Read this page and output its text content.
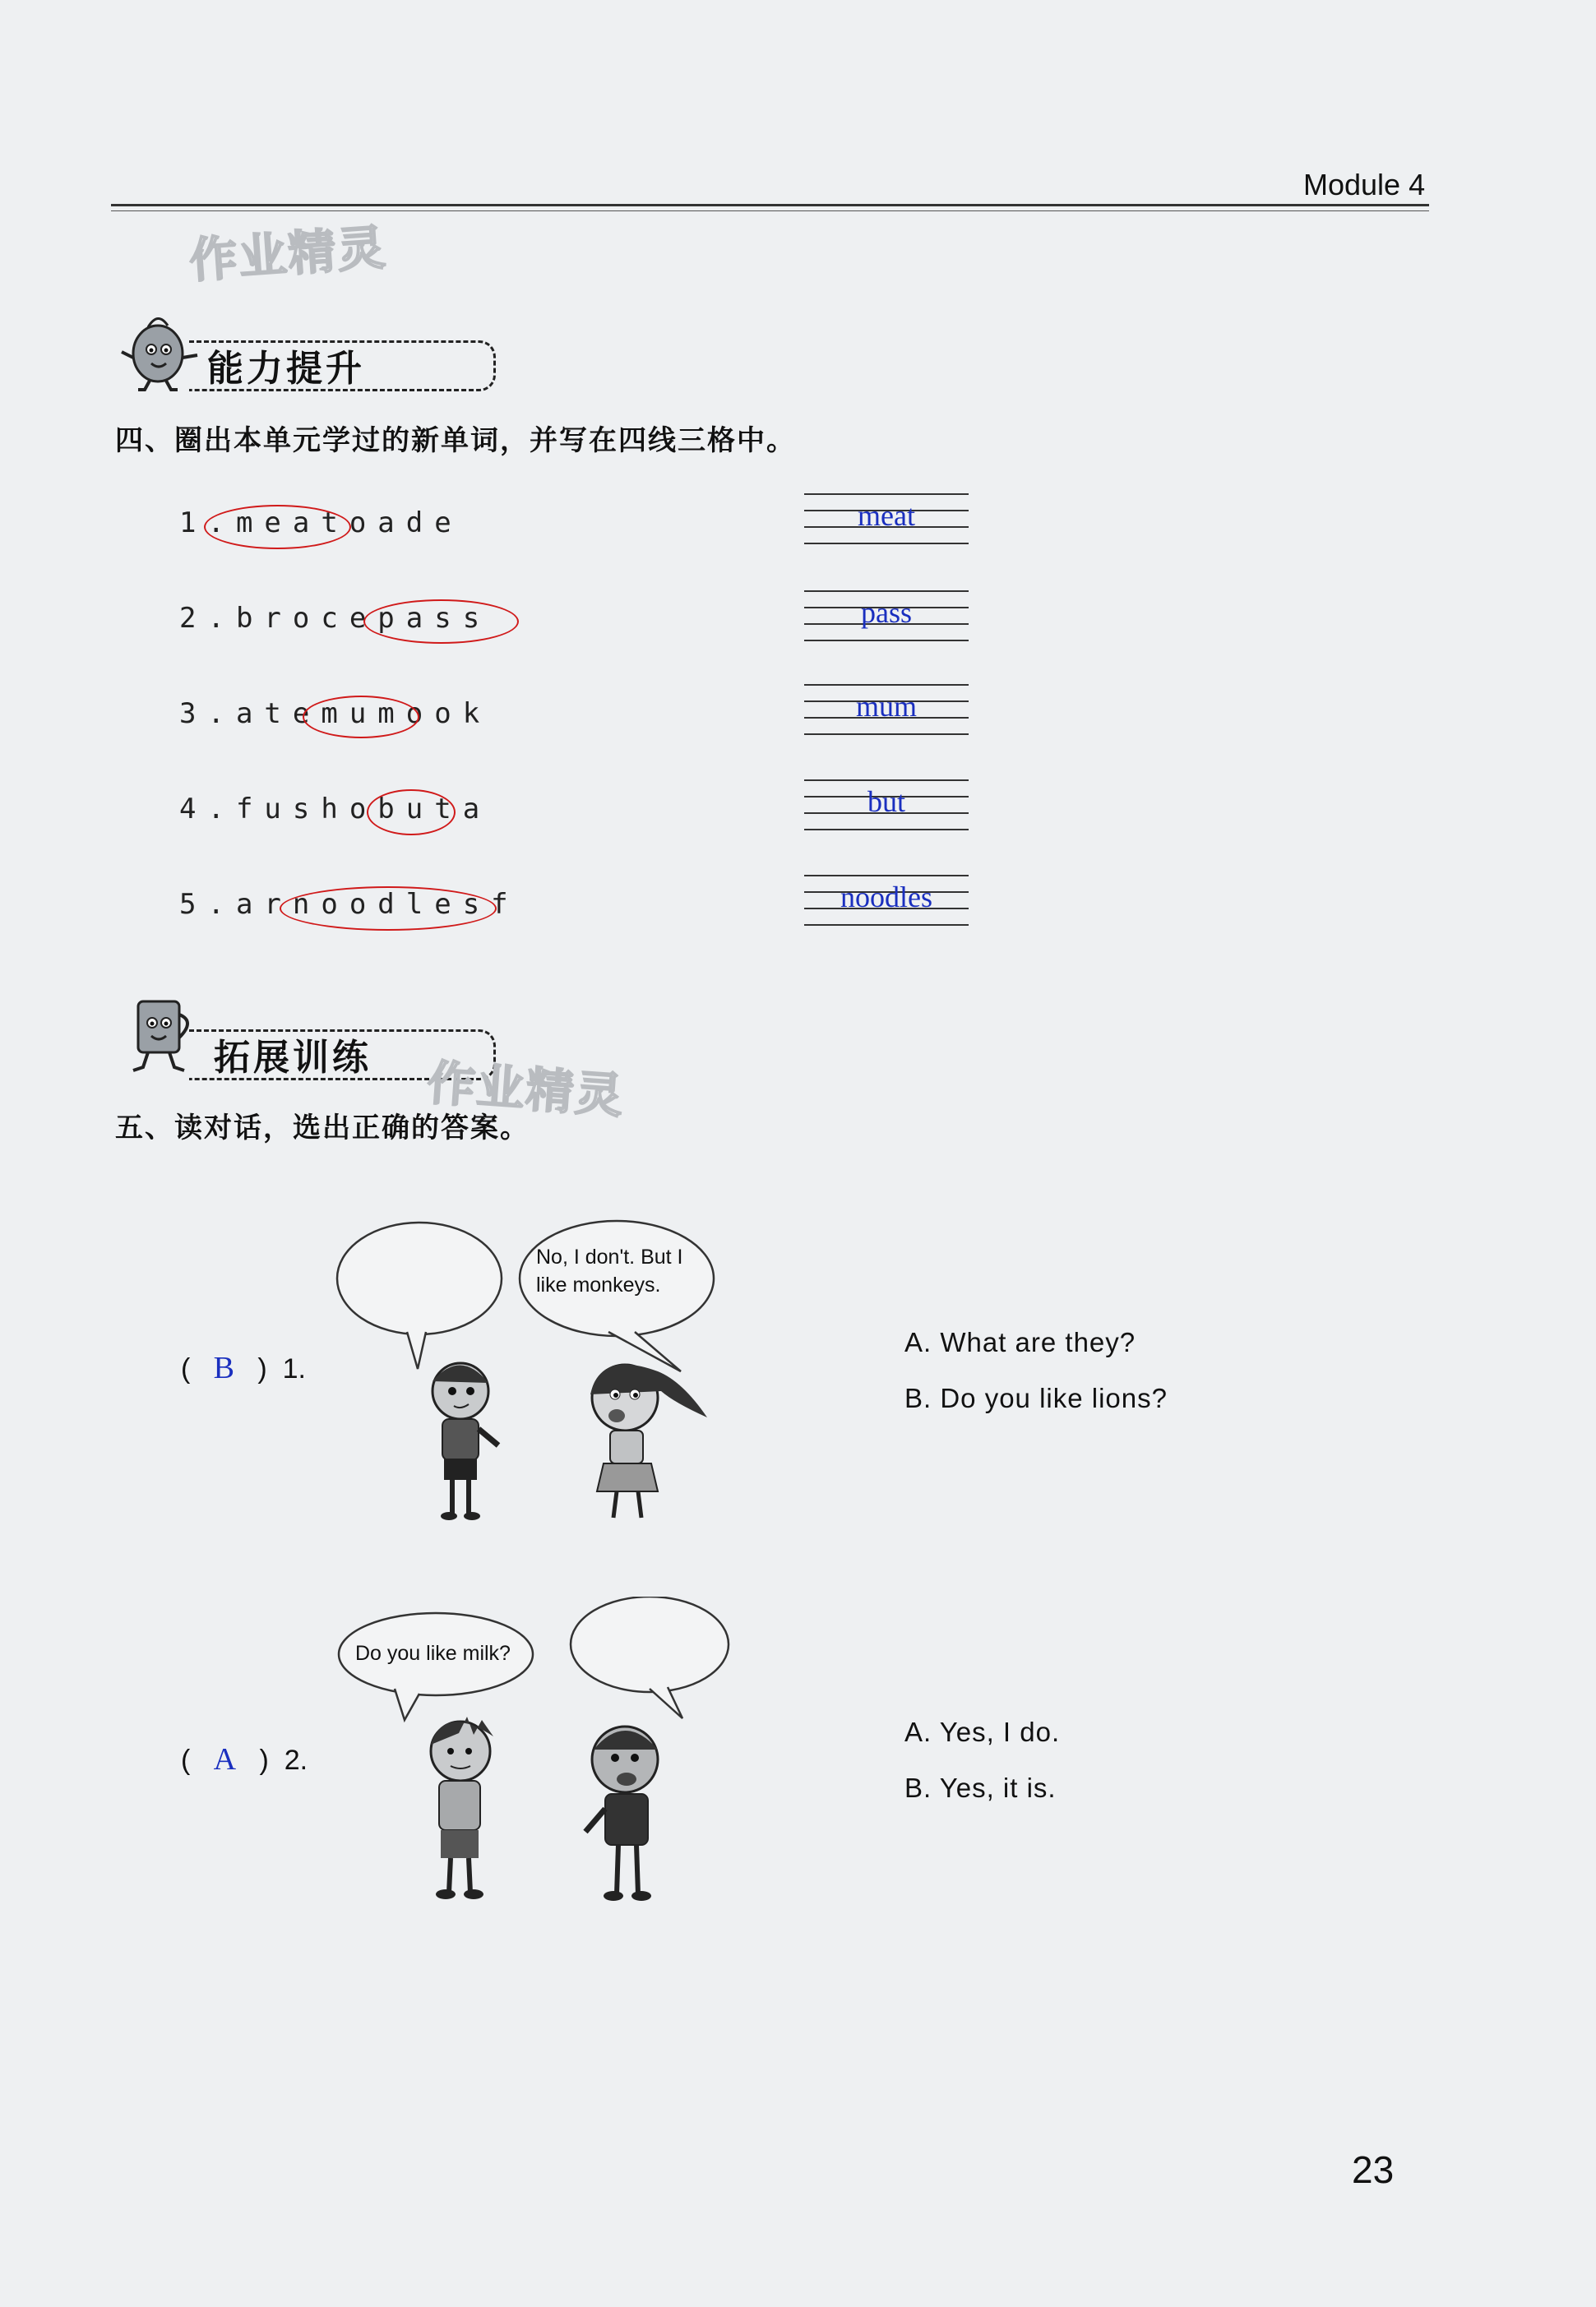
Module 4
作业精灵
能力提升
四、圈出本单元学过的新单词，并写在四线三格中。
1.meatoade	meat
2.brocepass	pass
3.atemumook	mum
4.fushobuta	but
5.arnoodlesf	noodles
拓展训练 作业精灵
五、读对话，选出正确的答案。
(   B   )  1.
No, I don't. But I
like monkeys.
A. What are they?
B. Do you like lions?
(   A   )  2.
Do you like milk?
A. Yes, I do.
B. Yes, it is.
23
